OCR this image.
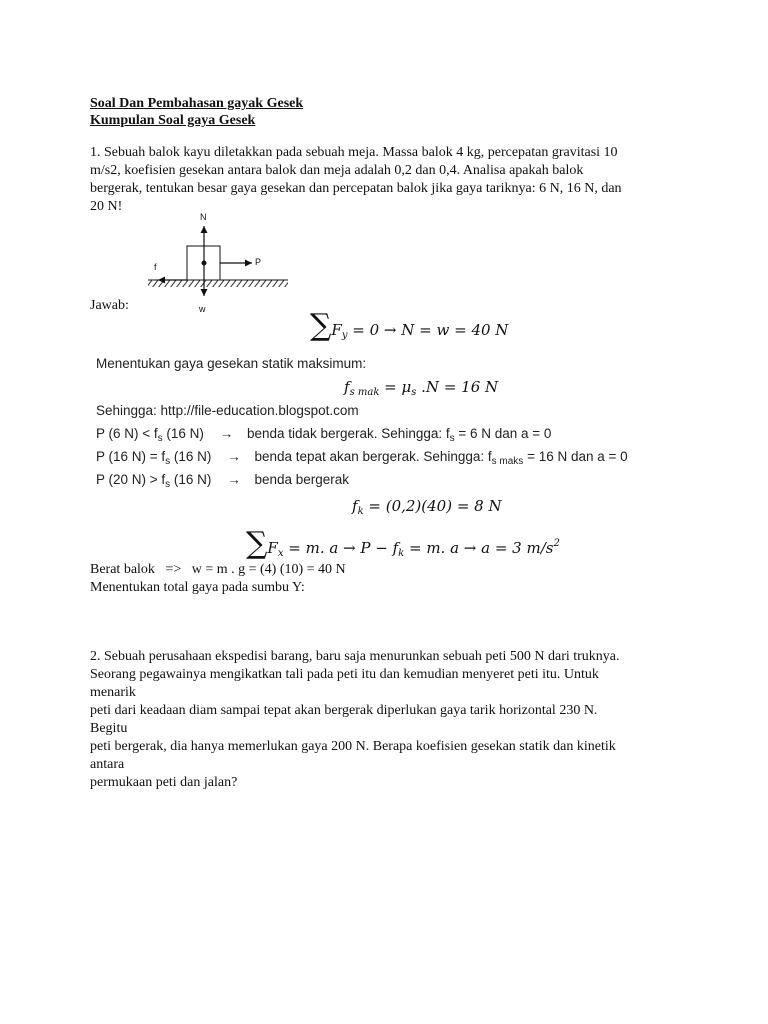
Soal Dan Pembahasan gayak Gesek
Kumpulan Soal gaya Gesek
1. Sebuah balok kayu diletakkan pada sebuah meja. Massa balok 4 kg, percepatan gravitasi 10
m/s2, koefisien gesekan antara balok dan meja adalah 0,2 dan 0,4. Analisa apakah balok
bergerak, tentukan besar gaya gesekan dan percepatan balok jika gaya tariknya: 6 N, 16 N, dan
20 N!
N
f	P
w
Jawab:
$\sum F_y = 0 \to N = w = 40$ N
Menentukan gaya gesekan statik maksimum:
$f_{s mak} = \mu_s$ .N = 16 N
Sehingga: http://file-education.blogspot.com
P (6 $N) < f_s$ (16 N) → benda tidak bergerak. Sehingga: $f_s = 6$ N dan a = 0
P (16 $N) = f_s$ (16 N) → benda tepat akan bergerak. Sehingga: $f_{s maks} = 16$ N dan a = 0
P (20 $N) > f_s$ (16 N) → benda bergerak
$f_k = (0,2)(40) = 8$ N
$\sum F_x = m$. $a \to P - f_k = m$. a → a = 3 $m/s^2$
Berat balok   =>   w = m . g = (4) (10) = 40 N
Menentukan total gaya pada sumbu Y:
2. Sebuah perusahaan ekspedisi barang, baru saja menurunkan sebuah peti 500 N dari truknya.
Seorang pegawainya mengikatkan tali pada peti itu dan kemudian menyeret peti itu. Untuk
menarik
peti dari keadaan diam sampai tepat akan bergerak diperlukan gaya tarik horizontal 230 N.
Begitu
peti bergerak, dia hanya memerlukan gaya 200 N. Berapa koefisien gesekan statik dan kinetik
antara
permukaan peti dan jalan?
